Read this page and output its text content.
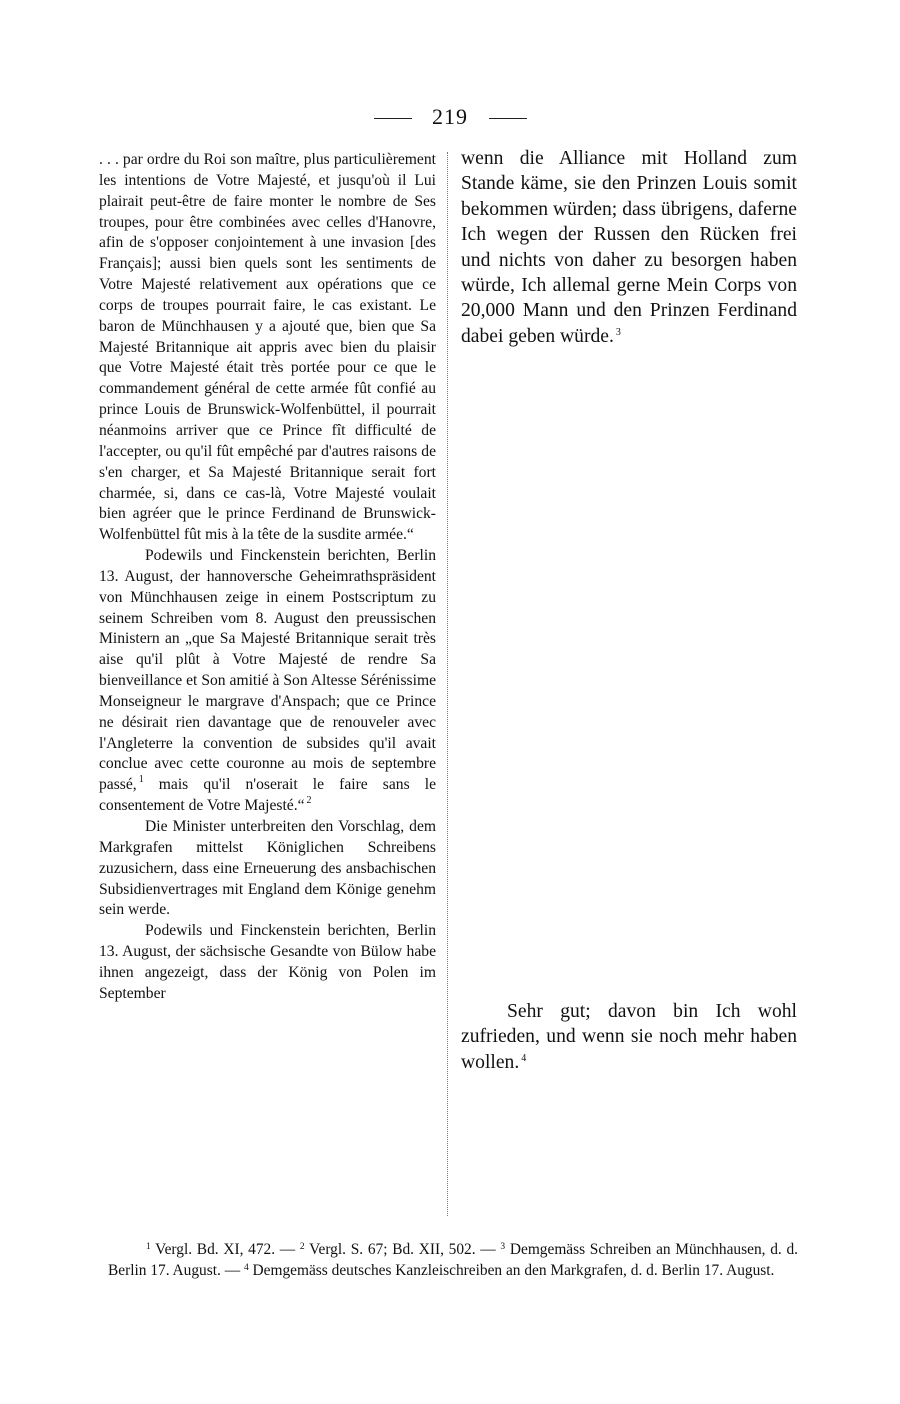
219

. . . par ordre du Roi son maître, plus particulièrement les intentions de Votre Majesté, et jusqu'où il Lui plairait peut-être de faire monter le nombre de Ses troupes, pour être combinées avec celles d'Hanovre, afin de s'opposer conjointement à une invasion [des Français]; aussi bien quels sont les sentiments de Votre Majesté relativement aux opérations que ce corps de troupes pourrait faire, le cas existant. Le baron de Münchhausen y a ajouté que, bien que Sa Majesté Britannique ait appris avec bien du plaisir que Votre Majesté était très portée pour ce que le commandement général de cette armée fût confié au prince Louis de Brunswick-Wolfenbüttel, il pourrait néanmoins arriver que ce Prince fît difficulté de l'accepter, ou qu'il fût empêché par d'autres raisons de s'en charger, et Sa Majesté Britannique serait fort charmée, si, dans ce cas-là, Votre Majesté voulait bien agréer que le prince Ferdinand de Brunswick-Wolfenbüttel fût mis à la tête de la susdite armée.“

Podewils und Finckenstein berichten, Berlin 13. August, der hannoversche Geheimrathspräsident von Münchhausen zeige in einem Postscriptum zu seinem Schreiben vom 8. August den preussischen Ministern an „que Sa Majesté Britannique serait très aise qu'il plût à Votre Majesté de rendre Sa bienveillance et Son amitié à Son Altesse Sérénissime Monseigneur le margrave d'Anspach; que ce Prince ne désirait rien davantage que de renouveler avec l'Angleterre la convention de subsides qu'il avait conclue avec cette couronne au mois de septembre passé, $^1$ mais qu'il n'oserait le faire sans le consentement de Votre Majesté.“ $^2$

Die Minister unterbreiten den Vorschlag, dem Markgrafen mittelst Königlichen Schreibens zuzusichern, dass eine Erneuerung des ansbachischen Subsidienvertrages mit England dem Könige genehm sein werde.

Podewils und Finckenstein berichten, Berlin 13. August, der sächsische Gesandte von Bülow habe ihnen angezeigt, dass der König von Polen im September

wenn die Alliance mit Holland zum Stande käme, sie den Prinzen Louis somit bekommen würden; dass übrigens, daferne Ich wegen der Russen den Rücken frei und nichts von daher zu besorgen haben würde, Ich allemal gerne Mein Corps von 20,000 Mann und den Prinzen Ferdinand dabei geben würde. $^3$

Sehr gut; davon bin Ich wohl zufrieden, und wenn sie noch mehr haben wollen. $^4$

$^1$ Vergl. Bd. XI, 472. — $^2$ Vergl. S. 67; Bd. XII, 502. — $^3$ Demgemäss Schreiben an Münchhausen, d. d. Berlin 17. August. — $^4$ Demgemäss deutsches Kanzleischreiben an den Markgrafen, d. d. Berlin 17. August.
